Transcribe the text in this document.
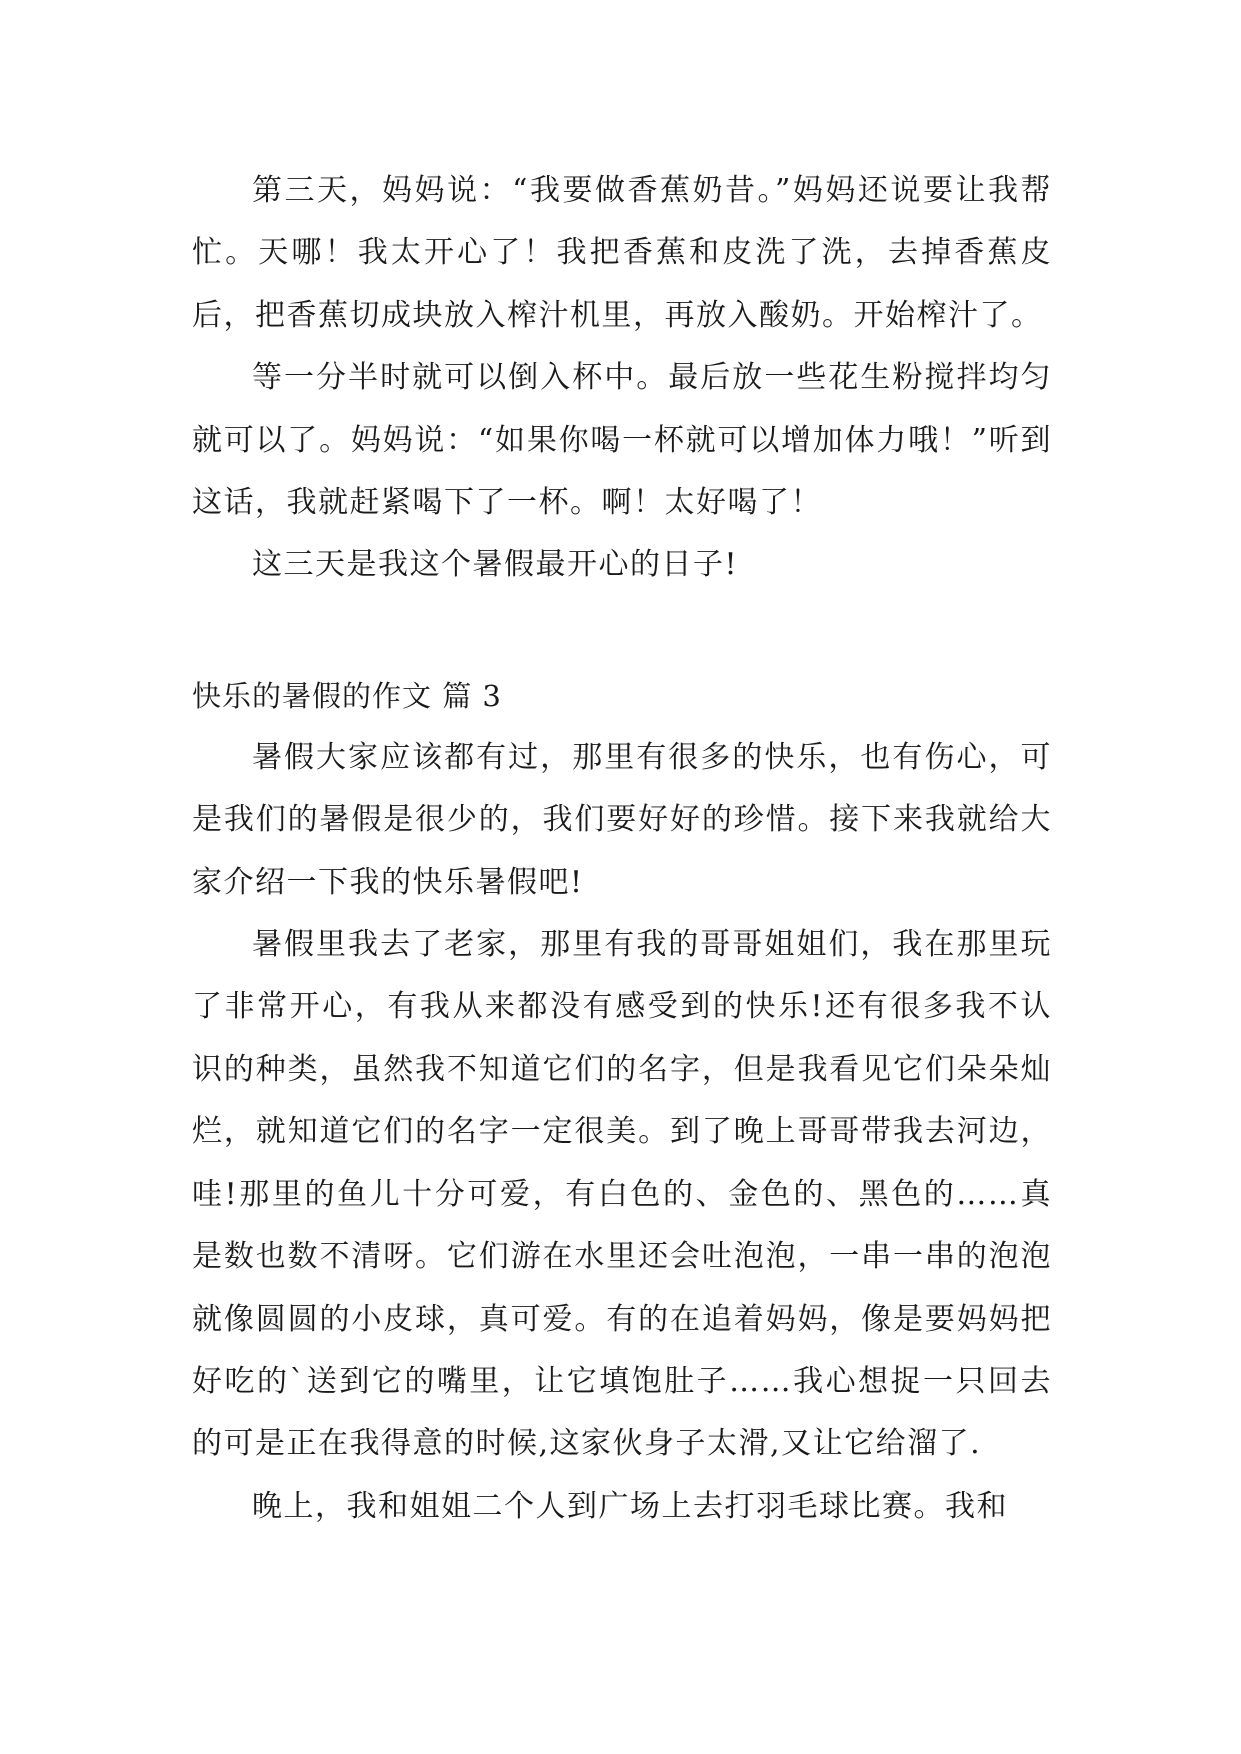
第三天，妈妈说：“我要做香蕉奶昔。”妈妈还说要让我帮忙。天哪！我太开心了！我把香蕉和皮洗了洗，去掉香蕉皮后，把香蕉切成块放入榨汁机里，再放入酸奶。开始榨汁了。

等一分半时就可以倒入杯中。最后放一些花生粉搅拌均匀就可以了。妈妈说：“如果你喝一杯就可以增加体力哦！”听到这话，我就赶紧喝下了一杯。啊！太好喝了！

这三天是我这个暑假最开心的日子!

快乐的暑假的作文 篇 3

暑假大家应该都有过，那里有很多的快乐，也有伤心，可是我们的暑假是很少的，我们要好好的珍惜。接下来我就给大家介绍一下我的快乐暑假吧!

暑假里我去了老家，那里有我的哥哥姐姐们，我在那里玩了非常开心，有我从来都没有感受到的快乐!还有很多我不认识的种类，虽然我不知道它们的名字，但是我看见它们朵朵灿烂，就知道它们的名字一定很美。到了晚上哥哥带我去河边，哇!那里的鱼儿十分可爱，有白色的、金色的、黑色的……真是数也数不清呀。它们游在水里还会吐泡泡，一串一串的泡泡就像圆圆的小皮球，真可爱。有的在追着妈妈，像是要妈妈把好吃的`送到它的嘴里，让它填饱肚子……我心想捉一只回去的可是正在我得意的时候,这家伙身子太滑,又让它给溜了.

晚上，我和姐姐二个人到广场上去打羽毛球比赛。我和
